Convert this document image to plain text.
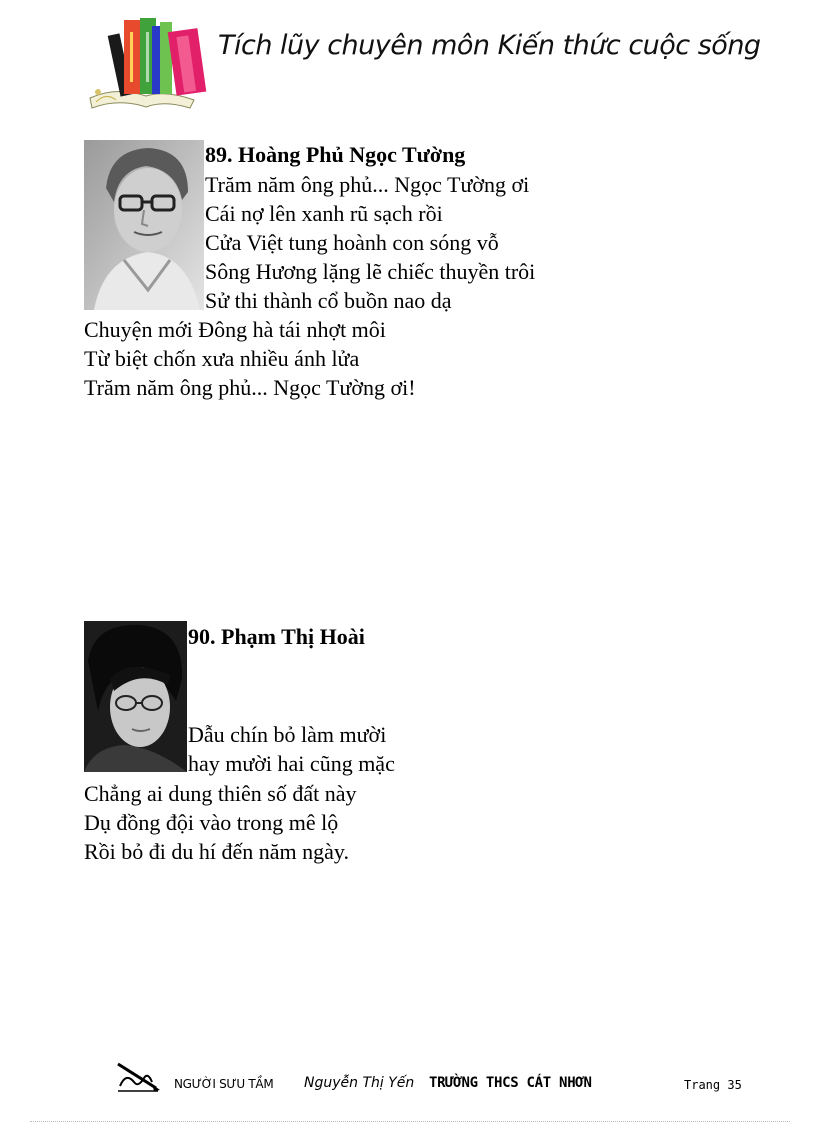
Tích lũy chuyên môn Kiến thức cuộc sống
89. Hoàng Phủ Ngọc Tường
Trăm năm ông phủ... Ngọc Tường ơi
Cái nợ lên xanh rũ sạch rồi
Cửa Việt tung hoành con sóng vỗ
Sông Hương lặng lẽ chiếc thuyền trôi
Sử thi thành cổ buồn nao dạ
Chuyện mới Đông hà tái nhợt môi
Từ biệt chốn xưa nhiều ánh lửa
Trăm năm ông phủ... Ngọc Tường ơi!
90. Phạm Thị Hoài
Dẫu chín bỏ làm mười
hay mười hai cũng mặc
Chẳng ai dung thiên số đất này
Dụ đồng đội vào trong mê lộ
Rồi bỏ đi du hí đến năm ngày.
NGƯỜI SƯU TẦM Nguyễn Thị Yến TRƯỜNG THCS CÁT NHƠN	Trang 35
